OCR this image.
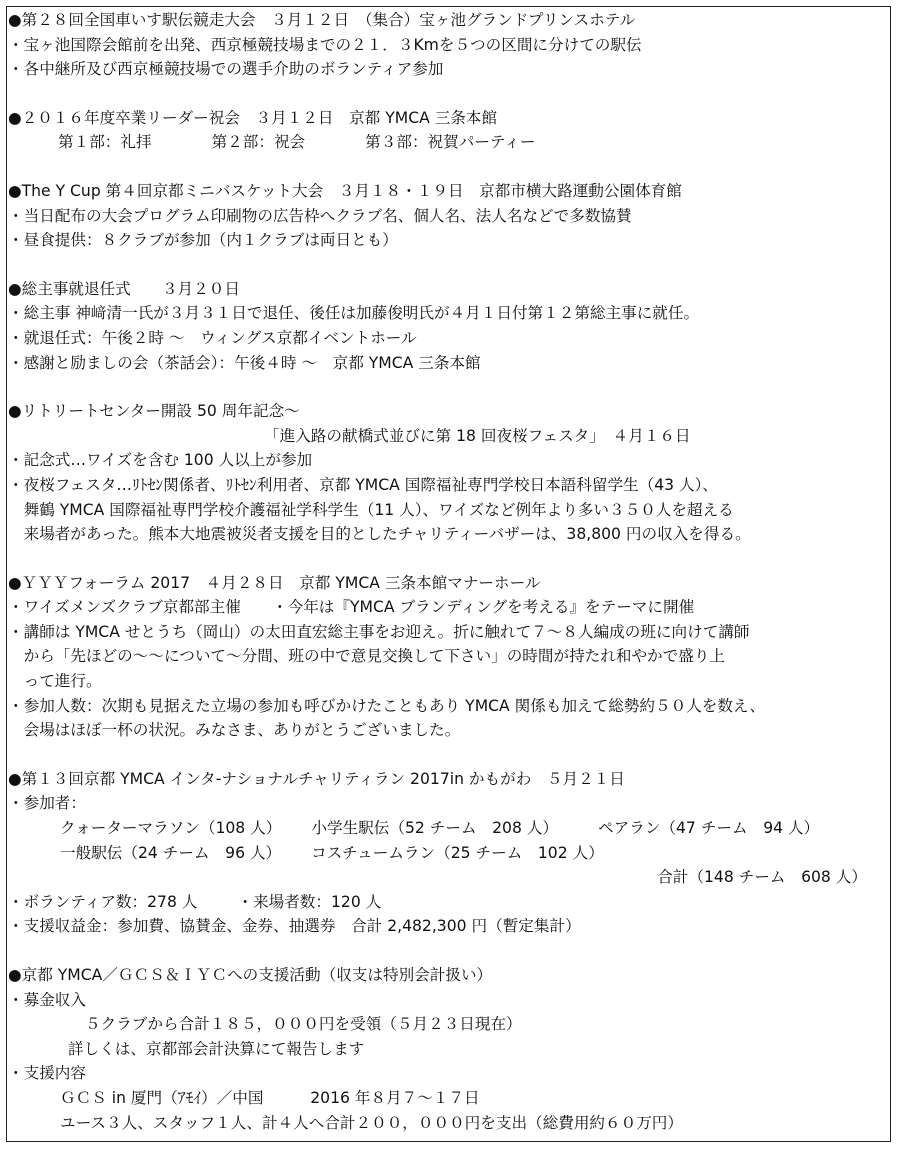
●第２８回全国車いす駅伝競走大会　３月１２日　（集合）宝ヶ池グランドプリンスホテル
・宝ヶ池国際会館前を出発、西京極競技場までの２１．３Kmを５つの区間に分けての駅伝
・各中継所及び西京極競技場での選手介助のボランティア参加
●２０１６年度卒業リーダー祝会　３月１２日　京都 YMCA 三条本館
第１部：礼拝	第２部：祝会	第３部：祝賀パーティー
●The Y Cup 第４回京都ミニバスケット大会　３月１８・１９日　京都市横大路運動公園体育館
・当日配布の大会プログラム印刷物の広告枠へクラブ名、個人名、法人名などで多数協賛
・昼食提供：８クラブが参加（内１クラブは両日とも）
●総主事就退任式　　３月２０日
・総主事 神﨑清一氏が３月３１日で退任、後任は加藤俊明氏が４月１日付第１２第総主事に就任。
・就退任式：午後２時 ～　ウィングス京都イベントホール
・感謝と励ましの会（茶話会）：午後４時 ～　京都 YMCA 三条本館
●リトリートセンター開設 50 周年記念～
「進入路の献橋式並びに第 18 回夜桜フェスタ」　４月１６日
・記念式…ワイズを含む 100 人以上が参加
・夜桜フェスタ…ﾘﾄｾﾝ関係者、ﾘﾄｾﾝ利用者、京都 YMCA 国際福祉専門学校日本語科留学生（43 人）、
　舞鶴 YMCA 国際福祉専門学校介護福祉学科学生（11 人）、ワイズなど例年より多い３５０人を超える
　来場者があった。熊本大地震被災者支援を目的としたチャリティーバザーは、38,800 円の収入を得る。
●ＹＹＹフォーラム 2017　４月２８日　京都 YMCA 三条本館マナーホール
・ワイズメンズクラブ京都部主催　　・今年は『YMCA ブランディングを考える』をテーマに開催
・講師は YMCA せとうち（岡山）の太田直宏総主事をお迎え。折に触れて７～８人編成の班に向けて講師
　から「先ほどの～～について～分間、班の中で意見交換して下さい」の時間が持たれ和やかで盛り上
　って進行。
・参加人数：次期も見据えた立場の参加も呼びかけたこともあり YMCA 関係も加えて総勢約５０人を数え、
　会場はほぼ一杯の状況。みなさま、ありがとうございました。
●第１３回京都 YMCA インタ‐ナショナルチャリティラン 2017in かもがわ　５月２１日
・参加者：
クォーターマラソン（108 人） 小学生駅伝（52 チーム　208 人）	ペアラン（47 チーム　94 人）
一般駅伝（24 チーム　96 人） コスチュームラン（25 チーム　102 人）
合計（148 チーム　608 人）
・ボランティア数：278 人	・来場者数：120 人
・支援収益金：参加費、協賛金、金券、抽選券　合計 2,482,300 円（暫定集計）
●京都 YMCA／ＧＣＳ＆ＩＹＣへの支援活動（収支は特別会計扱い）
・募金収入
５クラブから合計１８５，０００円を受領（５月２３日現在）
詳しくは、京都部会計決算にて報告します
・支援内容
ＧＣＳ in 厦門（ｱﾓｲ）／中国　　　2016 年８月７～１７日
ユース３人、スタッフ１人、計４人へ合計２００，０００円を支出（総費用約６０万円）
